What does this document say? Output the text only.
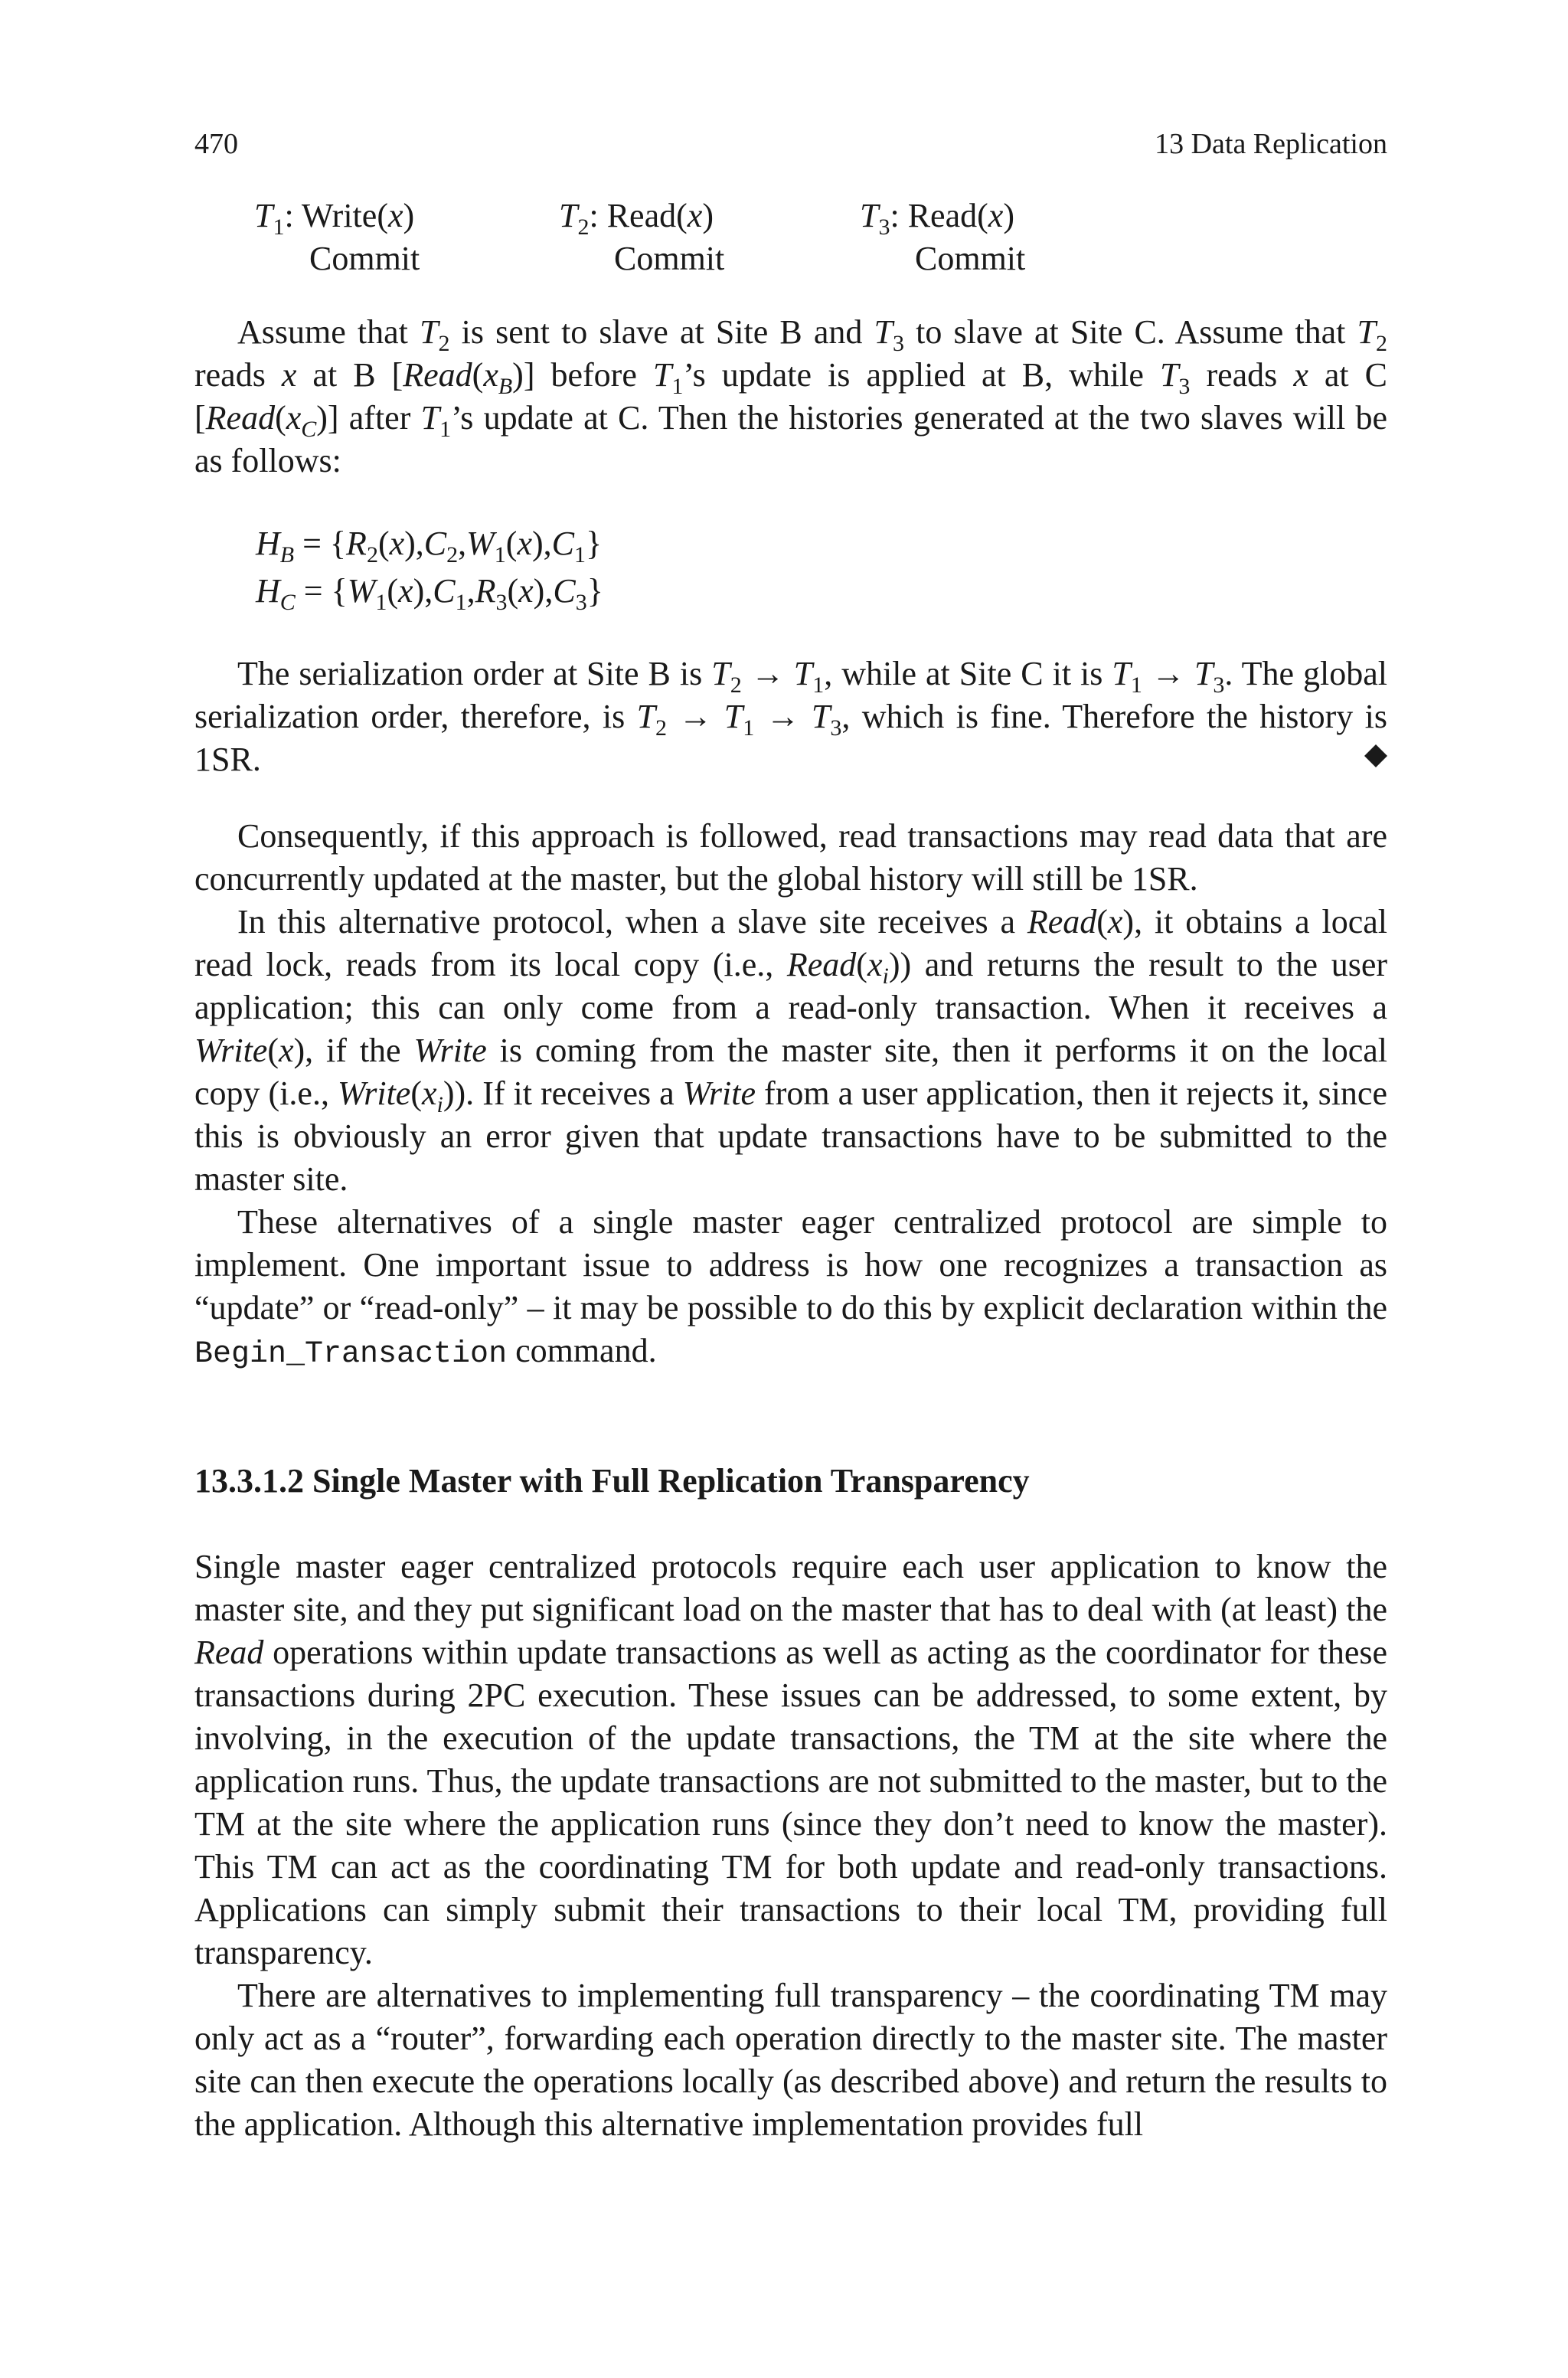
470	13 Data Replication
$T_1$: Write(x)
Commit
$T_2$: Read(x)
Commit
$T_3$: Read(x)
Commit

Assume that $T_2$ is sent to slave at Site B and $T_3$ to slave at Site C. Assume that $T_2$ reads x at B $[Read(x_B)]$ before $T_1’s$ update is applied at B, while $T_3$ reads x at C $[Read(x_C)]$ after $T_1’s$ update at C. Then the histories generated at the two slaves will be as follows:

$H_B = \{R_2(x),C_2,W_1(x),C_1\}$
$H_C = \{W_1(x),C_1,R_3(x),C_3\}$

The serialization order at Site B is $T_2 \to T_1$, while at Site C it is $T_1 \to T_3$. The global serialization order, therefore, is $T_2 \to T_1 \to T_3$, which is fine. Therefore the history is 1SR.

Consequently, if this approach is followed, read transactions may read data that are concurrently updated at the master, but the global history will still be 1SR.

In this alternative protocol, when a slave site receives a Read(x), it obtains a local read lock, reads from its local copy (i.e., $Read(x_i)$) and returns the result to the user application; this can only come from a read-only transaction. When it receives a Write(x), if the Write is coming from the master site, then it performs it on the local copy (i.e., $Write(x_i)$). If it receives a Write from a user application, then it rejects it, since this is obviously an error given that update transactions have to be submitted to the master site.

These alternatives of a single master eager centralized protocol are simple to implement. One important issue to address is how one recognizes a transaction as “update” or “read-only” – it may be possible to do this by explicit declaration within the Begin_Transaction command.

13.3.1.2 Single Master with Full Replication Transparency

Single master eager centralized protocols require each user application to know the master site, and they put significant load on the master that has to deal with (at least) the Read operations within update transactions as well as acting as the coordinator for these transactions during 2PC execution. These issues can be addressed, to some extent, by involving, in the execution of the update transactions, the TM at the site where the application runs. Thus, the update transactions are not submitted to the master, but to the TM at the site where the application runs (since they don’t need to know the master). This TM can act as the coordinating TM for both update and read-only transactions. Applications can simply submit their transactions to their local TM, providing full transparency.

There are alternatives to implementing full transparency – the coordinating TM may only act as a “router”, forwarding each operation directly to the master site. The master site can then execute the operations locally (as described above) and return the results to the application. Although this alternative implementation provides full
